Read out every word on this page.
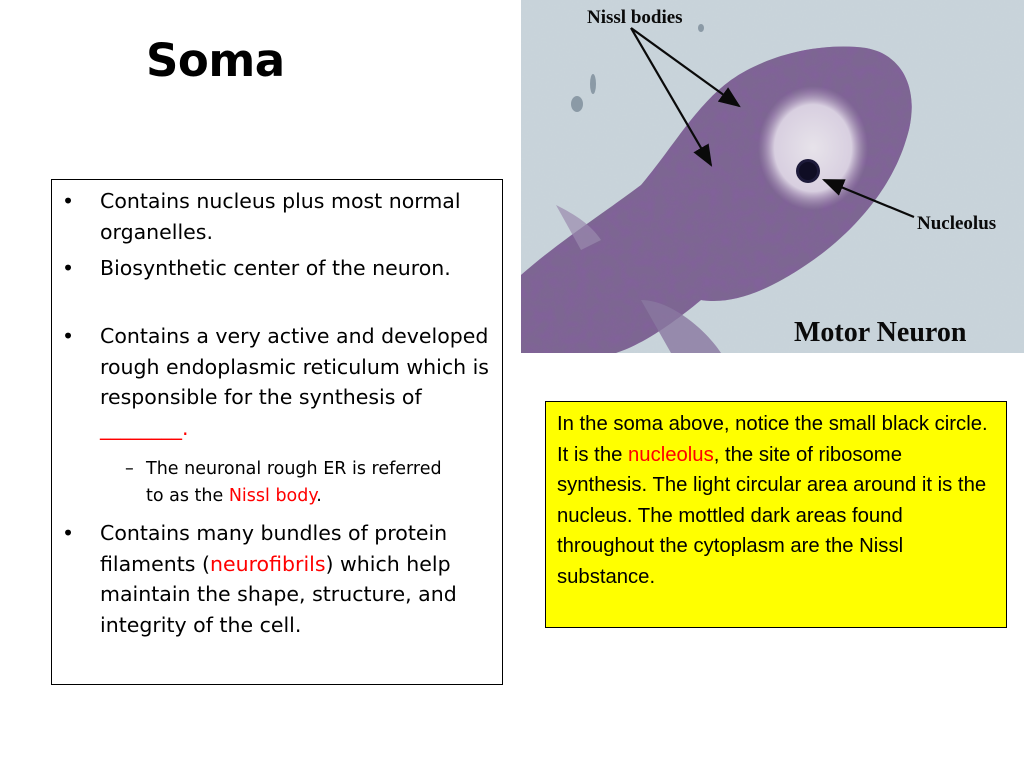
Soma
• Contains nucleus plus most normal organelles.
• Biosynthetic center of the neuron.
• Contains a very active and developed rough endoplasmic reticulum which is responsible for the synthesis of ________.
– The neuronal rough ER is referred to as the Nissl body.
• Contains many bundles of protein filaments (neurofibrils) which help maintain the shape, structure, and integrity of the cell.
Nissl bodies
Nucleolus
Motor Neuron
In the soma above, notice the small black circle. It is the nucleolus, the site of ribosome synthesis. The light circular area around it is the nucleus. The mottled dark areas found throughout the cytoplasm are the Nissl substance.
